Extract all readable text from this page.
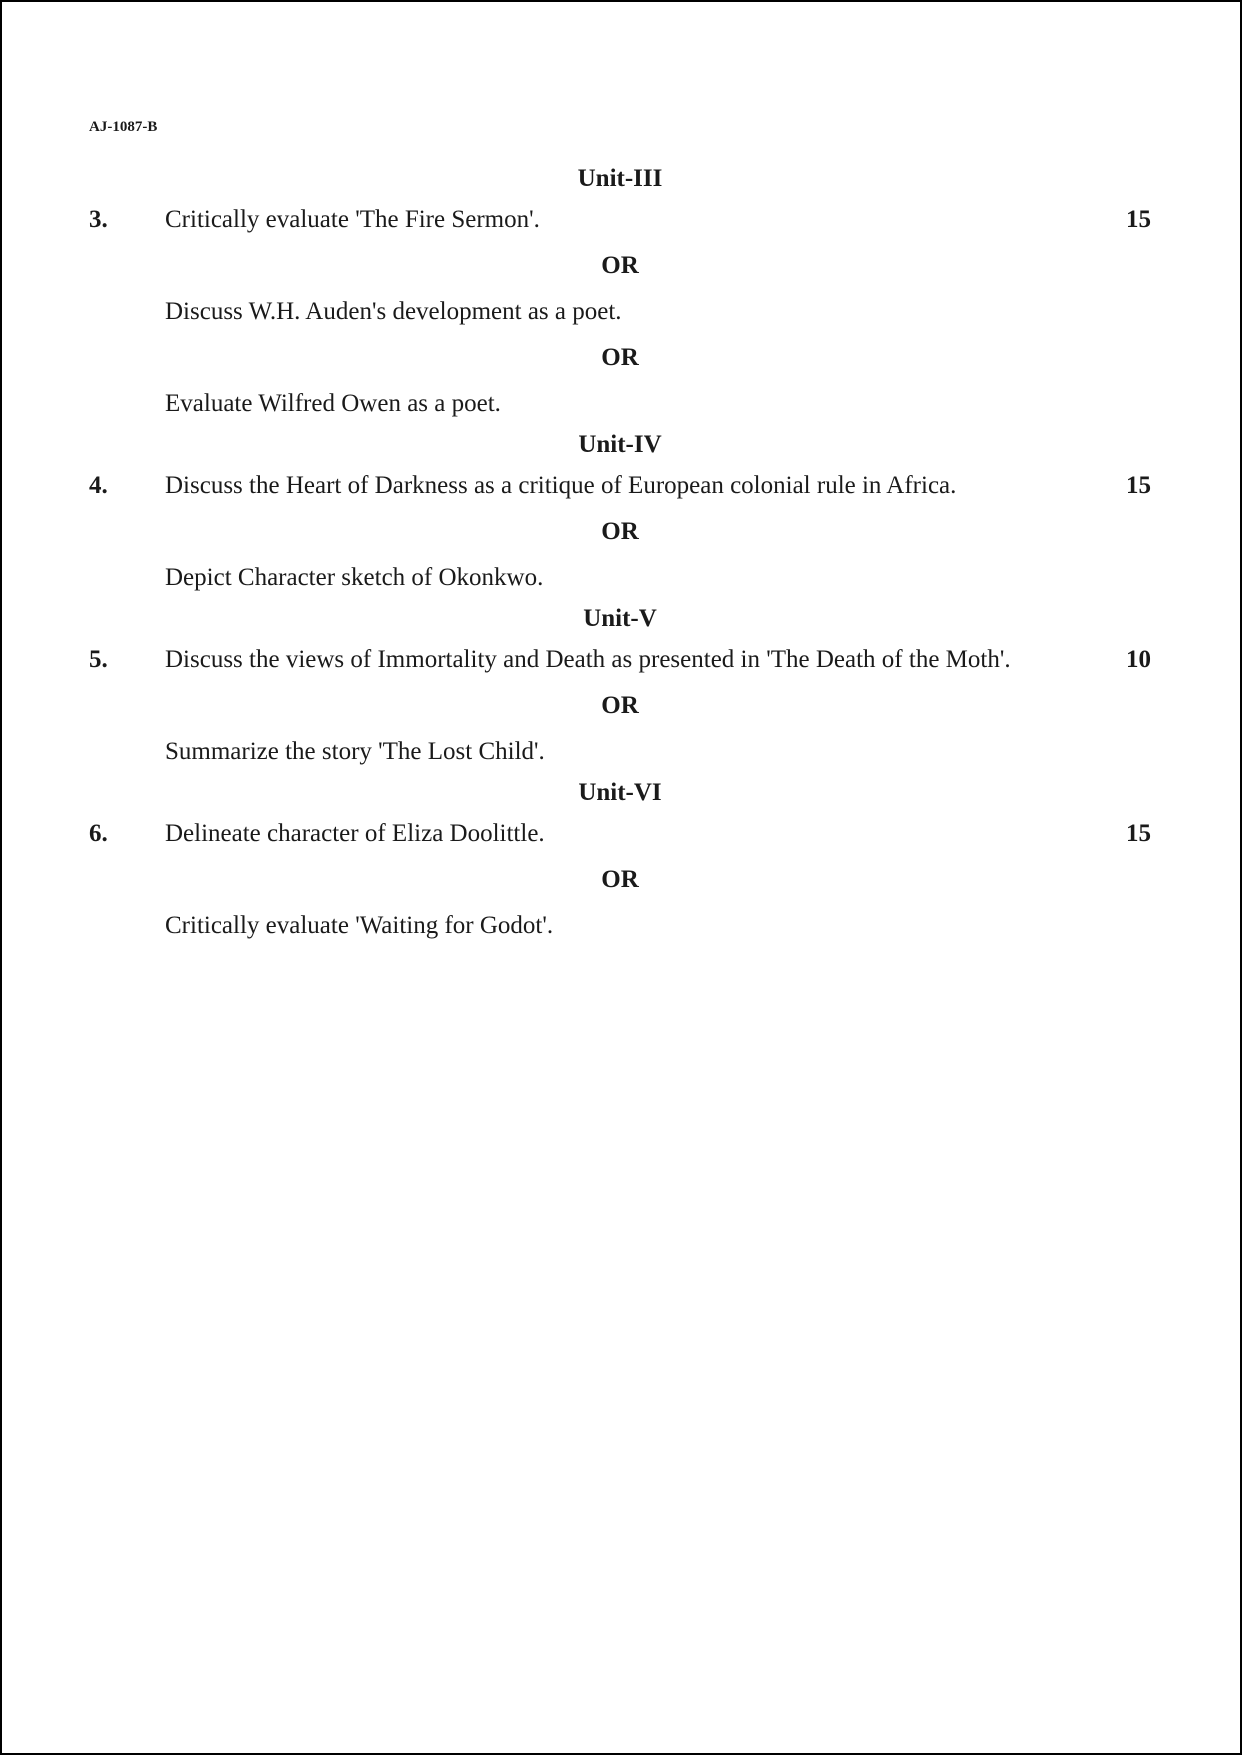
AJ-1087-B
Unit-III
3. Critically evaluate 'The Fire Sermon'.	15
OR
Discuss W.H. Auden's development as a poet.
OR
Evaluate Wilfred Owen as a poet.
Unit-IV
4. Discuss the Heart of Darkness as a critique of European colonial rule in Africa.	15
OR
Depict Character sketch of Okonkwo.
Unit-V
5. Discuss the views of Immortality and Death as presented in 'The Death of the Moth'.	10
OR
Summarize the story 'The Lost Child'.
Unit-VI
6. Delineate character of Eliza Doolittle.	15
OR
Critically evaluate 'Waiting for Godot'.
